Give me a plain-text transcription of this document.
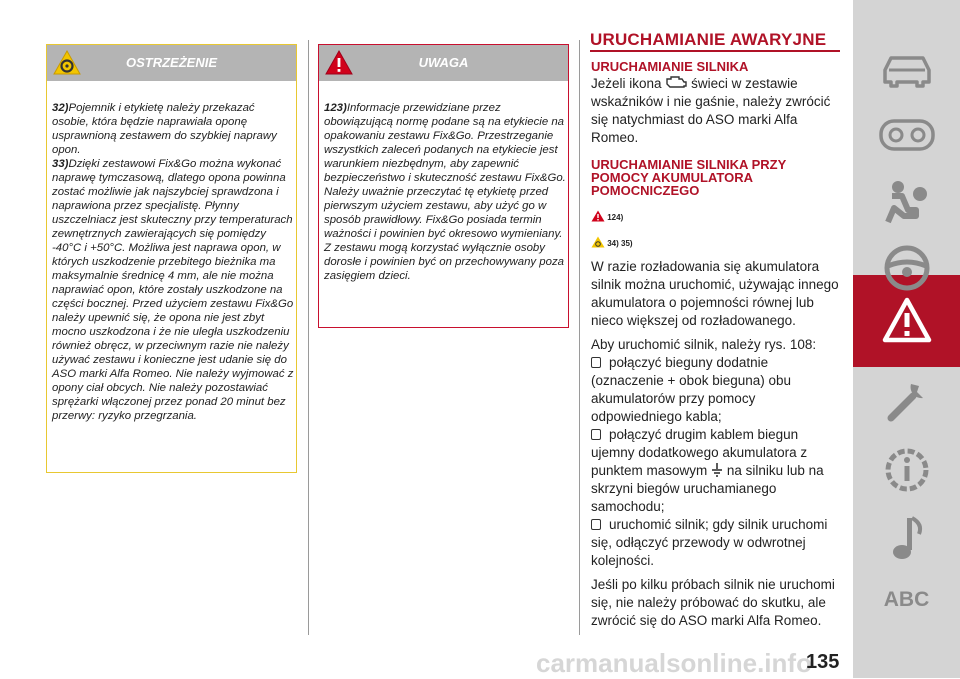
OSTRZEŻENIE

32)Pojemnik i etykietę należy przekazać osobie, która będzie naprawiała oponę usprawnioną zestawem do szybkiej naprawy opon.

33)Dzięki zestawowi Fix&Go można wykonać naprawę tymczasową, dlatego opona powinna zostać możliwie jak najszybciej sprawdzona i naprawiona przez specjalistę. Płynny uszczelniacz jest skuteczny przy temperaturach zewnętrznych zawierających się pomiędzy -40°C i +50°C. Możliwa jest naprawa opon, w których uszkodzenie przebitego bieżnika ma maksymalnie średnicę 4 mm, ale nie można naprawiać opon, które zostały uszkodzone na części bocznej. Przed użyciem zestawu Fix&Go należy upewnić się, że opona nie jest zbyt mocno uszkodzona i że nie uległa uszkodzeniu również obręcz, w przeciwnym razie nie należy używać zestawu i konieczne jest udanie się do ASO marki Alfa Romeo. Nie należy wyjmować z opony ciał obcych. Nie należy pozostawiać sprężarki włączonej przez ponad 20 minut bez przerwy: ryzyko przegrzania.

UWAGA

123)Informacje przewidziane przez obowiązującą normę podane są na etykiecie na opakowaniu zestawu Fix&Go. Przestrzeganie wszystkich zaleceń podanych na etykiecie jest warunkiem niezbędnym, aby zapewnić bezpieczeństwo i skuteczność zestawu Fix&Go. Należy uważnie przeczytać tę etykietę przed pierwszym użyciem zestawu, aby użyć go w sposób prawidłowy. Fix&Go posiada termin ważności i powinien być okresowo wymieniany. Z zestawu mogą korzystać wyłącznie osoby dorosłe i powinien być on przechowywany poza zasięgiem dzieci.

URUCHAMIANIE AWARYJNE
URUCHAMIANIE SILNIKA

Jeżeli ikona świeci w zestawie wskaźników i nie gaśnie, należy zwrócić się natychmiast do ASO marki Alfa Romeo.

URUCHAMIANIE SILNIKA PRZY POMOCY AKUMULATORA POMOCNICZEGO
124)
34) 35)

W razie rozładowania się akumulatora silnik można uruchomić, używając innego akumulatora o pojemności równej lub nieco większej od rozładowanego.

Aby uruchomić silnik, należy rys. 108:

połączyć bieguny dodatnie (oznaczenie + obok bieguna) obu akumulatorów przy pomocy odpowiedniego kabla;

połączyć drugim kablem biegun ujemny dodatkowego akumulatora z punktem masowym na silniku lub na skrzyni biegów uruchamianego samochodu;

uruchomić silnik; gdy silnik uruchomi się, odłączyć przewody w odwrotnej kolejności.

Jeśli po kilku próbach silnik nie uruchomi się, nie należy próbować do skutku, ale zwrócić się do ASO marki Alfa Romeo.

ABC
carmanualsonline.info
135
